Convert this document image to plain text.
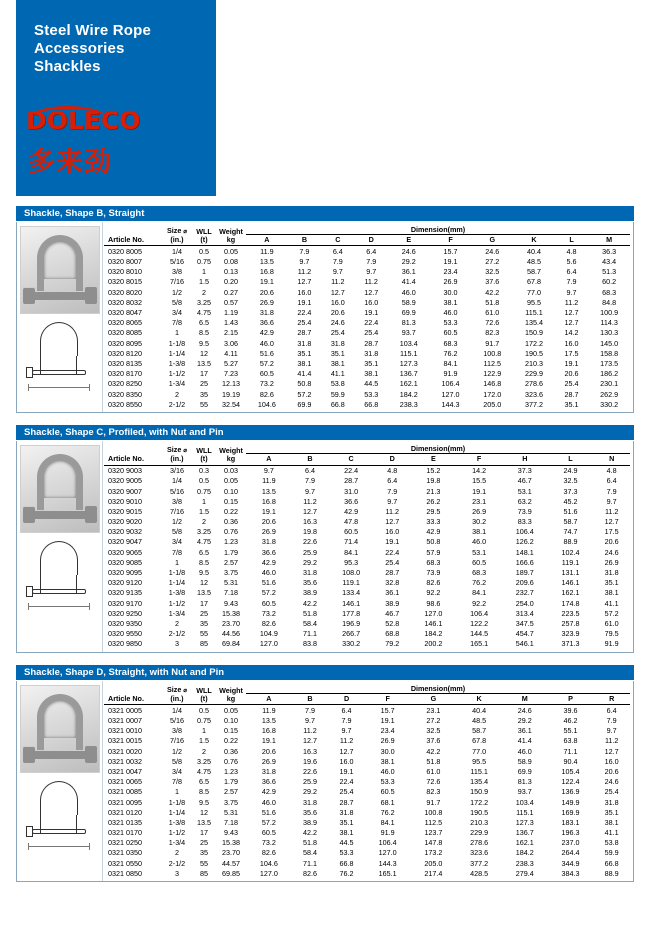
Steel Wire Rope
Accessories
Shackles
DOLECO
多来劲
Shackle, Shape B, Straight
Article No.	Size ⌀
(in.)	WLL
(t)	Weight
kg	Dimension(mm)									
				A	B	C	D	E	F	G	K	L	M

0320 8005	1/4	0.5	0.05	11.9	7.9	6.4	6.4	24.6	15.7	24.6	40.4	4.8	36.3
0320 8007	5/16	0.75	0.08	13.5	9.7	7.9	7.9	29.2	19.1	27.2	48.5	5.6	43.4
0320 8010	3/8	1	0.13	16.8	11.2	9.7	9.7	36.1	23.4	32.5	58.7	6.4	51.3
0320 8015	7/16	1.5	0.20	19.1	12.7	11.2	11.2	41.4	26.9	37.6	67.8	7.9	60.2
0320 8020	1/2	2	0.27	20.6	16.0	12.7	12.7	46.0	30.0	42.2	77.0	9.7	68.3
0320 8032	5/8	3.25	0.57	26.9	19.1	16.0	16.0	58.9	38.1	51.8	95.5	11.2	84.8
0320 8047	3/4	4.75	1.19	31.8	22.4	20.6	19.1	69.9	46.0	61.0	115.1	12.7	100.9
0320 8065	7/8	6.5	1.43	36.6	25.4	24.6	22.4	81.3	53.3	72.6	135.4	12.7	114.3
0320 8085	1	8.5	2.15	42.9	28.7	25.4	25.4	93.7	60.5	82.3	150.9	14.2	130.3
0320 8095	1-1/8	9.5	3.06	46.0	31.8	31.8	28.7	103.4	68.3	91.7	172.2	16.0	145.0
0320 8120	1-1/4	12	4.11	51.6	35.1	35.1	31.8	115.1	76.2	100.8	190.5	17.5	158.8
0320 8135	1-3/8	13.5	5.27	57.2	38.1	38.1	35.1	127.3	84.1	112.5	210.3	19.1	173.5
0320 8170	1-1/2	17	7.23	60.5	41.4	41.1	38.1	136.7	91.9	122.9	229.9	20.6	186.2
0320 8250	1-3/4	25	12.13	73.2	50.8	53.8	44.5	162.1	106.4	146.8	278.6	25.4	230.1
0320 8350	2	35	19.19	82.6	57.2	59.9	53.3	184.2	127.0	172.0	323.6	28.7	262.9
0320 8550	2-1/2	55	32.54	104.6	69.9	66.8	66.8	238.3	144.3	205.0	377.2	35.1	330.2
Shackle, Shape C, Profiled, with Nut and Pin
Article No.	Size ⌀
(in.)	WLL
(t)	Weight
kg	Dimension(mm)								
				A	B	C	D	E	F	H	L	N

0320 9003	3/16	0.3	0.03	9.7	6.4	22.4	4.8	15.2	14.2	37.3	24.9	4.8
0320 9005	1/4	0.5	0.05	11.9	7.9	28.7	6.4	19.8	15.5	46.7	32.5	6.4
0320 9007	5/16	0.75	0.10	13.5	9.7	31.0	7.9	21.3	19.1	53.1	37.3	7.9
0320 9010	3/8	1	0.15	16.8	11.2	36.6	9.7	26.2	23.1	63.2	45.2	9.7
0320 9015	7/16	1.5	0.22	19.1	12.7	42.9	11.2	29.5	26.9	73.9	51.6	11.2
0320 9020	1/2	2	0.36	20.6	16.3	47.8	12.7	33.3	30.2	83.3	58.7	12.7
0320 9032	5/8	3.25	0.76	26.9	19.8	60.5	16.0	42.9	38.1	106.4	74.7	17.5
0320 9047	3/4	4.75	1.23	31.8	22.6	71.4	19.1	50.8	46.0	126.2	88.9	20.6
0320 9065	7/8	6.5	1.79	36.6	25.9	84.1	22.4	57.9	53.1	148.1	102.4	24.6
0320 9085	1	8.5	2.57	42.9	29.2	95.3	25.4	68.3	60.5	166.6	119.1	26.9
0320 9095	1-1/8	9.5	3.75	46.0	31.8	108.0	28.7	73.9	68.3	189.7	131.1	31.8
0320 9120	1-1/4	12	5.31	51.6	35.6	119.1	32.8	82.6	76.2	209.6	146.1	35.1
0320 9135	1-3/8	13.5	7.18	57.2	38.9	133.4	36.1	92.2	84.1	232.7	162.1	38.1
0320 9170	1-1/2	17	9.43	60.5	42.2	146.1	38.9	98.6	92.2	254.0	174.8	41.1
0320 9250	1-3/4	25	15.38	73.2	51.8	177.8	46.7	127.0	106.4	313.4	223.5	57.2
0320 9350	2	35	23.70	82.6	58.4	196.9	52.8	146.1	122.2	347.5	257.8	61.0
0320 9550	2-1/2	55	44.56	104.9	71.1	266.7	68.8	184.2	144.5	454.7	323.9	79.5
0320 9850	3	85	69.84	127.0	83.8	330.2	79.2	200.2	165.1	546.1	371.3	91.9
Shackle, Shape D, Straight, with Nut and Pin
Article No.	Size ⌀
(in.)	WLL
(t)	Weight
kg	Dimension(mm)								
				A	B	D	F	G	K	M	P	R

0321 0005	1/4	0.5	0.05	11.9	7.9	6.4	15.7	23.1	40.4	24.6	39.6	6.4
0321 0007	5/16	0.75	0.10	13.5	9.7	7.9	19.1	27.2	48.5	29.2	46.2	7.9
0321 0010	3/8	1	0.15	16.8	11.2	9.7	23.4	32.5	58.7	36.1	55.1	9.7
0321 0015	7/16	1.5	0.22	19.1	12.7	11.2	26.9	37.6	67.8	41.4	63.8	11.2
0321 0020	1/2	2	0.36	20.6	16.3	12.7	30.0	42.2	77.0	46.0	71.1	12.7
0321 0032	5/8	3.25	0.76	26.9	19.6	16.0	38.1	51.8	95.5	58.9	90.4	16.0
0321 0047	3/4	4.75	1.23	31.8	22.6	19.1	46.0	61.0	115.1	69.9	105.4	20.6
0321 0065	7/8	6.5	1.79	36.6	25.9	22.4	53.3	72.6	135.4	81.3	122.4	24.6
0321 0085	1	8.5	2.57	42.9	29.2	25.4	60.5	82.3	150.9	93.7	136.9	25.4
0321 0095	1-1/8	9.5	3.75	46.0	31.8	28.7	68.1	91.7	172.2	103.4	149.9	31.8
0321 0120	1-1/4	12	5.31	51.6	35.6	31.8	76.2	100.8	190.5	115.1	169.9	35.1
0321 0135	1-3/8	13.5	7.18	57.2	38.9	35.1	84.1	112.5	210.3	127.3	183.1	38.1
0321 0170	1-1/2	17	9.43	60.5	42.2	38.1	91.9	123.7	229.9	136.7	196.3	41.1
0321 0250	1-3/4	25	15.38	73.2	51.8	44.5	106.4	147.8	278.6	162.1	237.0	53.8
0321 0350	2	35	23.70	82.6	58.4	53.3	127.0	173.2	323.6	184.2	264.4	59.9
0321 0550	2-1/2	55	44.57	104.6	71.1	66.8	144.3	205.0	377.2	238.3	344.9	66.8
0321 0850	3	85	69.85	127.0	82.6	76.2	165.1	217.4	428.5	279.4	384.3	88.9
